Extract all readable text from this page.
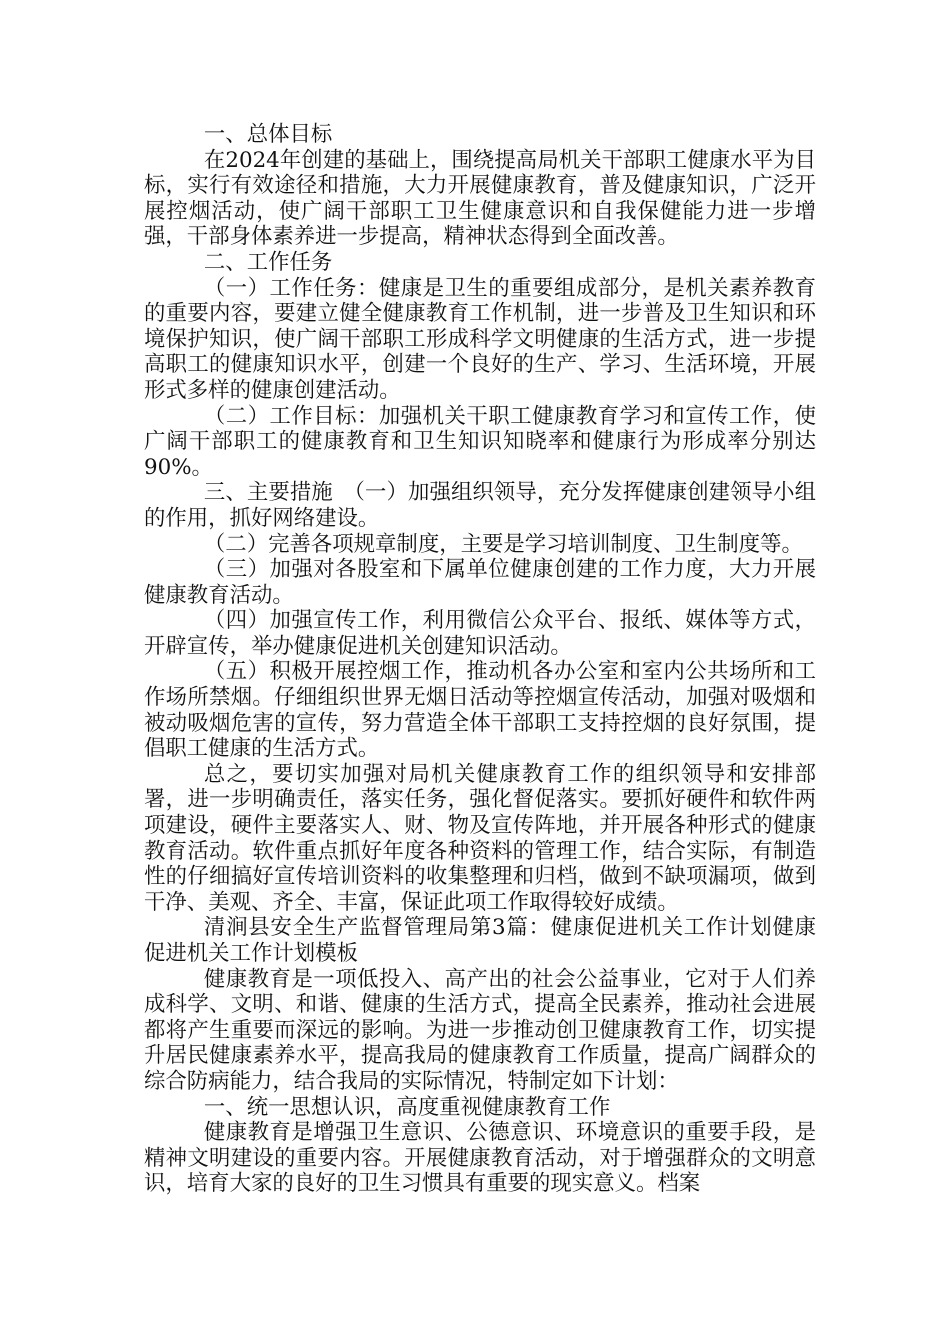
一、总体目标

在2024年创建的基础上，围绕提高局机关干部职工健康水平为目标，实行有效途径和措施，大力开展健康教育，普及健康知识，广泛开展控烟活动，使广阔干部职工卫生健康意识和自我保健能力进一步增强，干部身体素养进一步提高，精神状态得到全面改善。

二、工作任务

（一）工作任务：健康是卫生的重要组成部分，是机关素养教育的重要内容，要建立健全健康教育工作机制，进一步普及卫生知识和环境保护知识，使广阔干部职工形成科学文明健康的生活方式，进一步提高职工的健康知识水平，创建一个良好的生产、学习、生活环境，开展形式多样的健康创建活动。

（二）工作目标：加强机关干职工健康教育学习和宣传工作，使广阔干部职工的健康教育和卫生知识知晓率和健康行为形成率分别达90%。

三、主要措施　（一）加强组织领导，充分发挥健康创建领导小组的作用，抓好网络建设。

（二）完善各项规章制度，主要是学习培训制度、卫生制度等。

（三）加强对各股室和下属单位健康创建的工作力度，大力开展健康教育活动。

（四）加强宣传工作，利用微信公众平台、报纸、媒体等方式，开辟宣传，举办健康促进机关创建知识活动。

（五）积极开展控烟工作，推动机各办公室和室内公共场所和工作场所禁烟。仔细组织世界无烟日活动等控烟宣传活动，加强对吸烟和被动吸烟危害的宣传，努力营造全体干部职工支持控烟的良好氛围，提倡职工健康的生活方式。

总之，要切实加强对局机关健康教育工作的组织领导和安排部署，进一步明确责任，落实任务，强化督促落实。要抓好硬件和软件两项建设，硬件主要落实人、财、物及宣传阵地，并开展各种形式的健康教育活动。软件重点抓好年度各种资料的管理工作，结合实际，有制造性的仔细搞好宣传培训资料的收集整理和归档，做到不缺项漏项，做到干净、美观、齐全、丰富，保证此项工作取得较好成绩。

清涧县安全生产监督管理局第3篇：健康促进机关工作计划健康促进机关工作计划模板

健康教育是一项低投入、高产出的社会公益事业，它对于人们养成科学、文明、和谐、健康的生活方式，提高全民素养，推动社会进展都将产生重要而深远的影响。为进一步推动创卫健康教育工作，切实提升居民健康素养水平，提高我局的健康教育工作质量，提高广阔群众的综合防病能力，结合我局的实际情况，特制定如下计划：

一、统一思想认识，高度重视健康教育工作

健康教育是增强卫生意识、公德意识、环境意识的重要手段，是精神文明建设的重要内容。开展健康教育活动，对于增强群众的文明意识，培育大家的良好的卫生习惯具有重要的现实意义。档案
